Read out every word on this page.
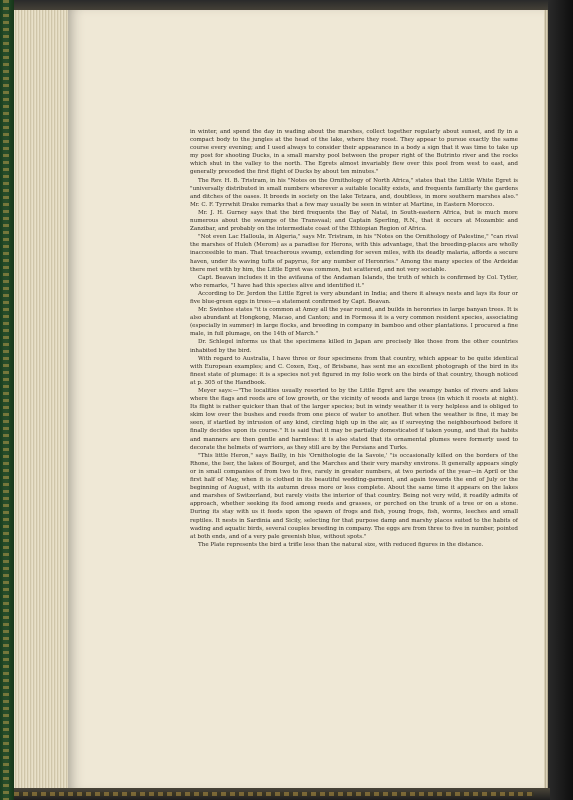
in winter, and spend the day in wading about the marshes, collect together regularly about sunset, and fly in a compact body to the jungles at the head of the lake, where they roost. They appear to pursue exactly the same course every evening; and I used always to consider their appearance in a body a sign that it was time to take up my post for shooting Ducks, in a small marshy pool between the proper right of the Butrinto river and the rocks which shut in the valley to the north. The Egrets almost invariably flew over this pool from west to east, and generally preceded the first flight of Ducks by about ten minutes."

The Rev. H. B. Tristram, in his "Notes on the Ornithology of North Africa," states that the Little White Egret is "universally distributed in small numbers wherever a suitable locality exists, and frequents familiarly the gardens and ditches of the oases. It breeds in society on the lake Tetzara, and, doubtless, in more southern marshes also." Mr. C. F. Tyrrwhit Drake remarks that a few may usually be seen in winter at Martine, in Eastern Morocco.

Mr. J. H. Gurney says that the bird frequents the Bay of Natal, in South-eastern Africa, but is much more numerous about the swamps of the Transvaal; and Captain Sperling, R.N., that it occurs at Mozambic and Zanzibar, and probably on the intermediate coast of the Ethiopian Region of Africa.

"Not even Lac Halloula, in Algeria," says Mr. Tristram, in his "Notes on the Ornithology of Palestine," "can rival the marshes of Huleh (Merom) as a paradise for Herons, with this advantage, that the breeding-places are wholly inaccessible to man. That treacherous swamp, extending for seven miles, with its deadly malaria, affords a secure haven, under its waving tufts of papyrus, for any number of Heronries." Among the many species of the Ardeidæ there met with by him, the Little Egret was common, but scattered, and not very sociable.

Capt. Beavan includes it in the avifauna of the Andaman Islands, the truth of which is confirmed by Col. Tytler, who remarks, "I have had this species alive and identified it."

According to Dr. Jerdon the Little Egret is very abundant in India; and there it always nests and lays its four or five blue-green eggs in trees—a statement confirmed by Capt. Beavan.

Mr. Swinhoe states "it is common at Amoy all the year round, and builds in heronries in large banyan trees. It is also abundant at Hongkong, Macao, and Canton; and in Formosa it is a very common resident species, associating (especially in summer) in large flocks, and breeding in company in bamboo and other plantations. I procured a fine male, in full plumage, on the 14th of March."

Dr. Schlegel informs us that the specimens killed in Japan are precisely like those from the other countries inhabited by the bird.

With regard to Australia, I have three or four specimens from that country, which appear to be quite identical with European examples; and C. Coxen, Esq., of Brisbane, has sent me an excellent photograph of the bird in its finest state of plumage: it is a species not yet figured in my folio work on the birds of that country, though noticed at p. 305 of the Handbook.

Meyer says:—"The localities usually resorted to by the Little Egret are the swampy banks of rivers and lakes where the flags and reeds are of low growth, or the vicinity of woods and large trees (in which it roosts at night). Its flight is rather quicker than that of the larger species; but in windy weather it is very helpless and is obliged to skim low over the bushes and reeds from one piece of water to another. But when the weather is fine, it may be seen, if startled by intrusion of any kind, circling high up in the air, as if surveying the neighbourhood before it finally decides upon its course." It is said that it may be partially domesticated if taken young, and that its habits and manners are then gentle and harmless: it is also stated that its ornamental plumes were formerly used to decorate the helmets of warriors, as they still are by the Persians and Turks.

"This little Heron," says Bailly, in his 'Ornithologie de la Savoie,' "is occasionally killed on the borders of the Rhone, the Iser, the lakes of Bourget, and the Marches and their very marshy environs. It generally appears singly or in small companies of from two to five, rarely in greater numbers, at two periods of the year—in April or the first half of May, when it is clothed in its beautiful wedding-garment, and again towards the end of July or the beginning of August, with its autumn dress more or less complete. About the same time it appears on the lakes and marshes of Switzerland, but rarely visits the interior of that country. Being not very wild, it readily admits of approach, whether seeking its food among reeds and grasses, or perched on the trunk of a tree or on a stone. During its stay with us it feeds upon the spawn of frogs and fish, young frogs, fish, worms, leeches and small reptiles. It nests in Sardinia and Sicily, selecting for that purpose damp and marshy places suited to the habits of wading and aquatic birds, several couples breeding in company. The eggs are from three to five in number, pointed at both ends, and of a very pale greenish blue, without spots."

The Plate represents the bird a trifle less than the natural size, with reduced figures in the distance.
